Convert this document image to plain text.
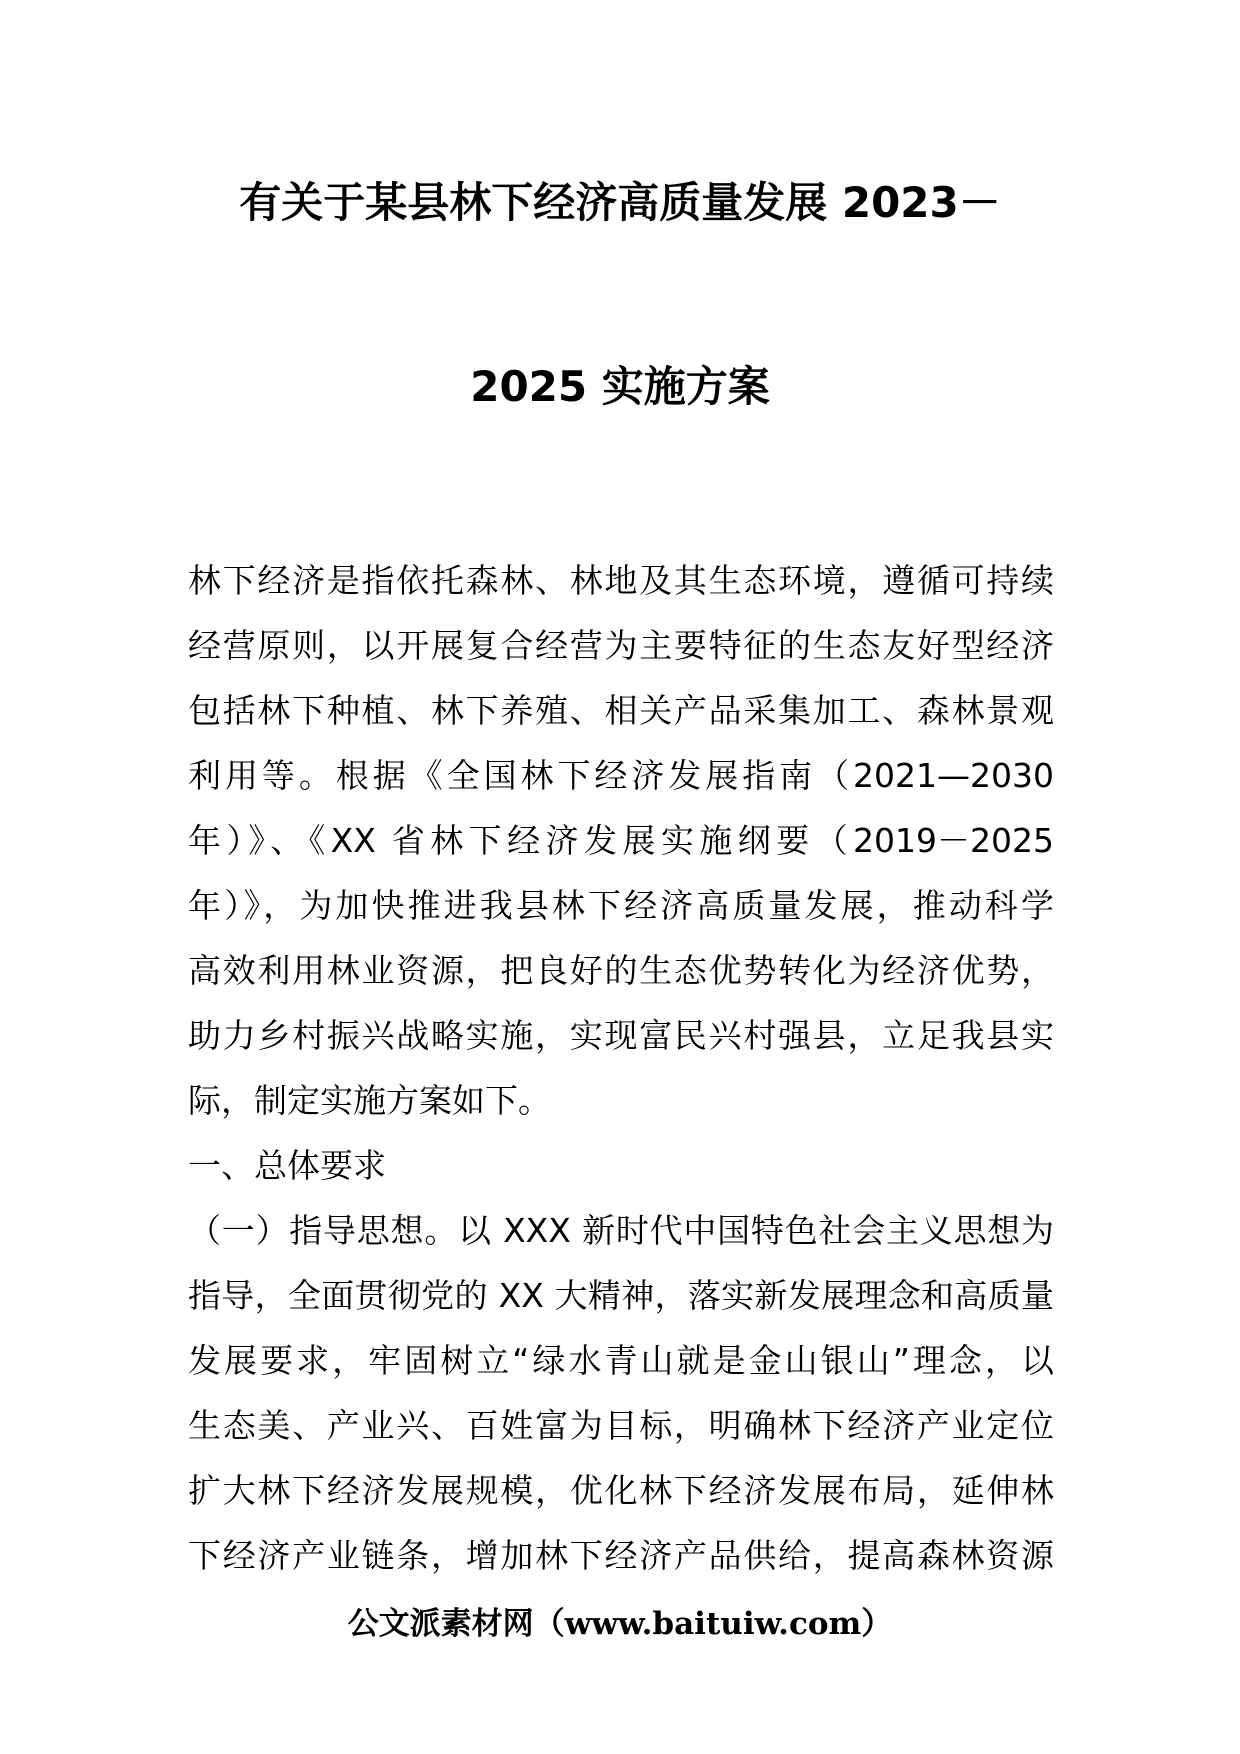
有关于某县林下经济高质量发展 2023－
2025 实施方案
林下经济是指依托森林、林地及其生态环境，遵循可持续
经营原则，以开展复合经营为主要特征的生态友好型经济
包括林下种植、林下养殖、相关产品采集加工、森林景观
利用等。根据《全国林下经济发展指南（2021—2030
年）》、《XX 省林下经济发展实施纲要（2019－2025
年）》，为加快推进我县林下经济高质量发展，推动科学
高效利用林业资源，把良好的生态优势转化为经济优势，
助力乡村振兴战略实施，实现富民兴村强县，立足我县实
际，制定实施方案如下。
一、总体要求
（一）指导思想。以 XXX 新时代中国特色社会主义思想为
指导，全面贯彻党的 XX 大精神，落实新发展理念和高质量
发展要求，牢固树立“绿水青山就是金山银山”理念，以
生态美、产业兴、百姓富为目标，明确林下经济产业定位
扩大林下经济发展规模，优化林下经济发展布局，延伸林
下经济产业链条，增加林下经济产品供给，提高森林资源
公文派素材网（www.baituiw.com）
